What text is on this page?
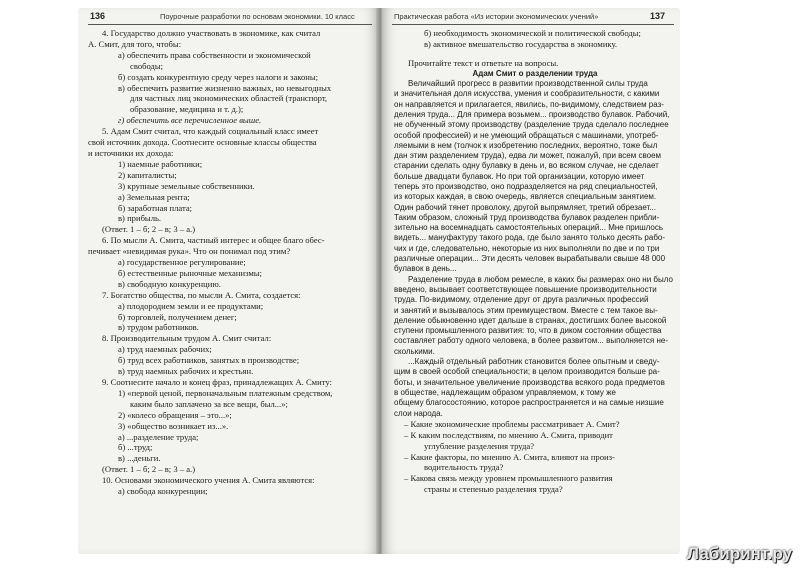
136	Поурочные разработки по основам экономики. 10 класс
4. Государство должно участвовать в экономике, как считал
А. Смит, для того, чтобы:
а) обеспечить права собственности и экономической
свободы;
б) создать конкурентную среду через налоги и законы;
в) обеспечить развитие жизненно важных, но невыгодных
для частных лиц экономических областей (транспорт,
образование, медицина и т. д.);
г) обеспечить все перечисленное выше.
5. Адам Смит считал, что каждый социальный класс имеет
свой источник дохода. Соотнесите основные классы общества
и источники их дохода:
1) наемные работники;
2) капиталисты;
3) крупные земельные собственники.
а) Земельная рента;
б) заработная плата;
в) прибыль.
(Ответ. 1 – б; 2 – в; 3 – а.)
6. По мысли А. Смита, частный интерес и общее благо обес-
печивает «невидимая рука». Что он понимал под этим?
а) государственное регулирование;
б) естественные рыночные механизмы;
в) свободную конкуренцию.
7. Богатство общества, по мысли А. Смита, создается:
а) плодородием земли и ее продуктами;
б) торговлей, получением денег;
в) трудом работников.
8. Производительным трудом А. Смит считал:
а) труд наемных рабочих;
б) труд всех работников, занятых в производстве;
в) труд наемных рабочих и крестьян.
9. Соотнесите начало и конец фраз, принадлежащих А. Смиту:
1) «первой ценой, первоначальным платежным средством,
каким было заплачено за все вещи, был...»;
2) «колесо обращения – это...»;
3) «общество возникает из...».
а) ...разделение труда;
б) ...труд;
в) ...деньги.
(Ответ. 1 – б; 2 – в; 3 – а.)
10. Основами экономического учения А. Смита являются:
а) свобода конкуренции;
Практическая работа «Из истории экономических учений»	137
б) необходимость экономической и политической свободы;
в) активное вмешательство государства в экономику.
Прочитайте текст и ответьте на вопросы.
Адам Смит о разделении труда
Величайший прогресс в развитии производственной силы труда
и значительная доля искусства, умения и сообразительности, с какими
он направляется и прилагается, явились, по-видимому, следствием раз-
деления труда... Для примера возьмем... производство булавок. Рабочий,
не обученный этому производству (разделение труда сделало последнее
особой профессией) и не умеющий обращаться с машинами, употреб-
ляемыми в нем (толчок к изобретению последних, вероятно, тоже был
дан этим разделением труда), едва ли может, пожалуй, при всем своем
старании сделать одну булавку в день и, во всяком случае, не сделает
больше двадцати булавок. Но при той организации, которую имеет
теперь это производство, оно подразделяется на ряд специальностей,
из которых каждая, в свою очередь, является специальным занятием.
Один рабочий тянет проволоку, другой выпрямляет, третий обрезает...
Таким образом, сложный труд производства булавок разделен прибли-
зительно на восемнадцать самостоятельных операций... Мне пришлось
видеть... мануфактуру такого рода, где было занято только десять рабо-
чих и где, следовательно, некоторые из них выполняли по две и по три
различные операции... Эти десять человек вырабатывали свыше 48 000
булавок в день...
Разделение труда в любом ремесле, в каких бы размерах оно ни было
введено, вызывает соответствующее повышение производительности
труда. По-видимому, отделение друг от друга различных профессий
и занятий и вызывалось этим преимуществом. Вместе с тем такое вы-
деление обыкновенно идет дальше в странах, достигших более высокой
ступени промышленного развития: то, что в диком состоянии общества
составляет работу одного человека, в более развитом... выполняется не-
сколькими.
...Каждый отдельный работник становится более опытным и сведу-
щим в своей особой специальности; в целом производится больше ра-
боты, и значительное увеличение производства всякого рода предметов
в обществе, надлежащим образом управляемом, к тому же
общему благосостоянию, которое распространяется и на самые низшие
слои народа.
– Какие экономические проблемы рассматривает А. Смит?
– К каким последствиям, по мнению А. Смита, приводит
углубление разделения труда?
– Какие факторы, по мнению А. Смита, влияют на произ-
водительность труда?
– Какова связь между уровнем промышленного развития
страны и степенью разделения труда?
Лабиринт.ру
